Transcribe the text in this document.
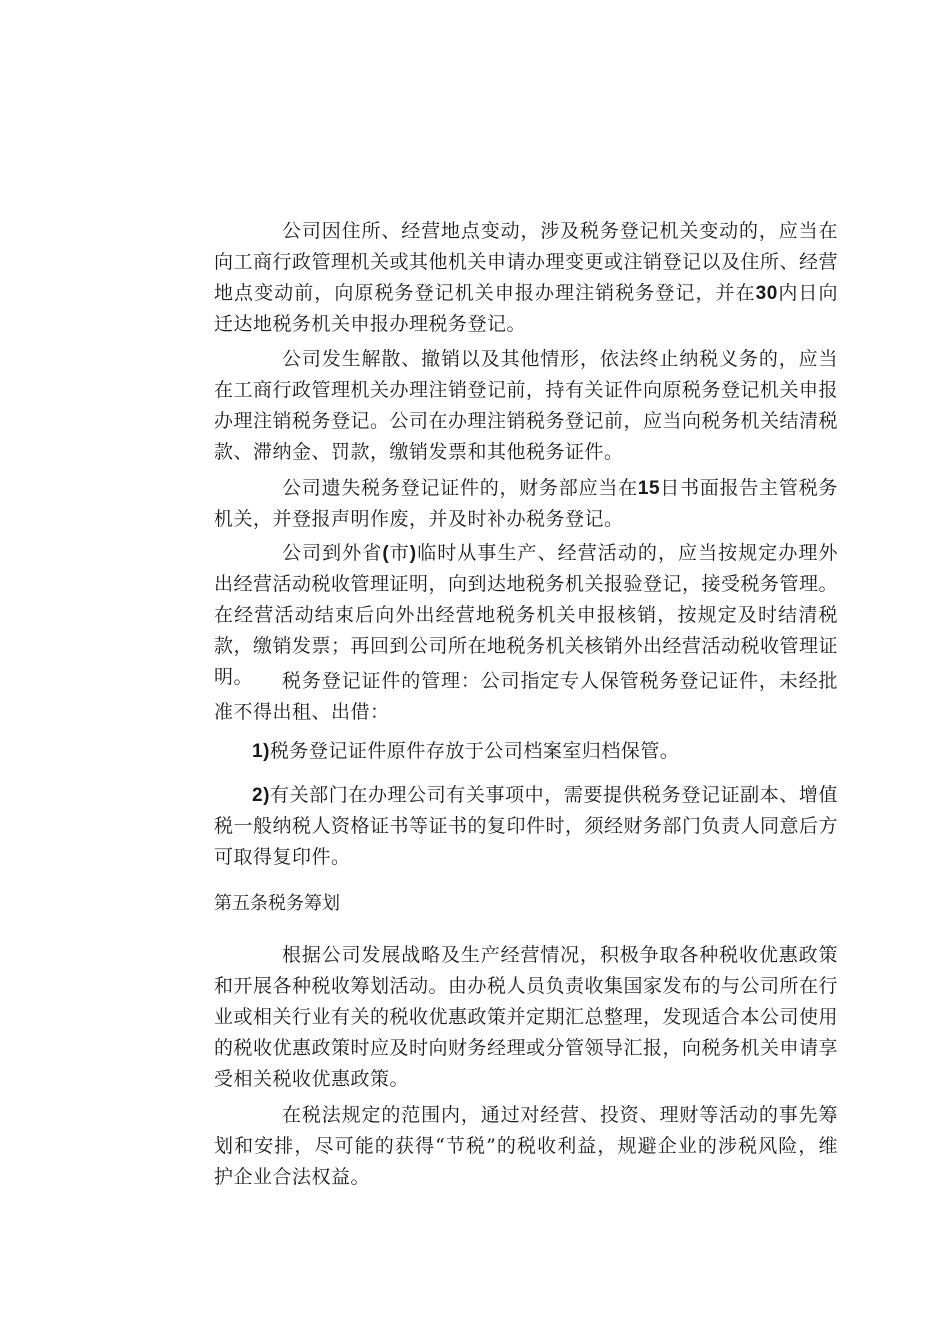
公司因住所、经营地点变动，涉及税务登记机关变动的，应当在向工商行政管理机关或其他机关申请办理变更或注销登记以及住所、经营地点变动前，向原税务登记机关申报办理注销税务登记，并在30内日向迁达地税务机关申报办理税务登记。

公司发生解散、撤销以及其他情形，依法终止纳税义务的，应当在工商行政管理机关办理注销登记前，持有关证件向原税务登记机关申报办理注销税务登记。公司在办理注销税务登记前，应当向税务机关结清税款、滞纳金、罚款，缴销发票和其他税务证件。

公司遗失税务登记证件的，财务部应当在15日书面报告主管税务机关，并登报声明作废，并及时补办税务登记。

公司到外省(市)临时从事生产、经营活动的，应当按规定办理外出经营活动税收管理证明，向到达地税务机关报验登记，接受税务管理。在经营活动结束后向外出经营地税务机关申报核销，按规定及时结清税款，缴销发票；再回到公司所在地税务机关核销外出经营活动税收管理证明。	税务登记证件的管理：公司指定专人保管税务登记证件，未经批准不得出租、出借：

1)税务登记证件原件存放于公司档案室归档保管。

2)有关部门在办理公司有关事项中，需要提供税务登记证副本、增值税一般纳税人资格证书等证书的复印件时，须经财务部门负责人同意后方可取得复印件。

第五条税务筹划

根据公司发展战略及生产经营情况，积极争取各种税收优惠政策和开展各种税收筹划活动。由办税人员负责收集国家发布的与公司所在行业或相关行业有关的税收优惠政策并定期汇总整理，发现适合本公司使用的税收优惠政策时应及时向财务经理或分管领导汇报，向税务机关申请享受相关税收优惠政策。

在税法规定的范围内，通过对经营、投资、理财等活动的事先筹划和安排，尽可能的获得“节税”的税收利益，规避企业的涉税风险，维护企业合法权益。
